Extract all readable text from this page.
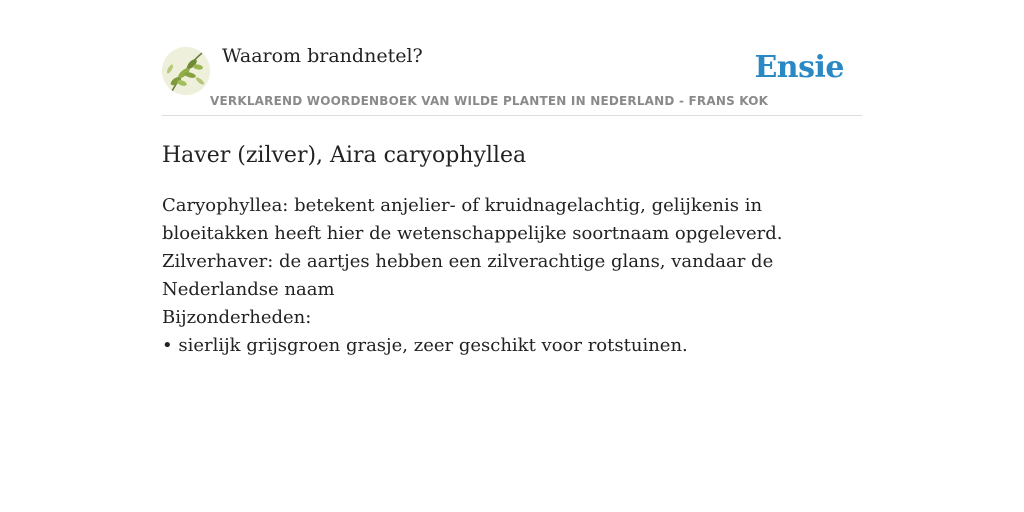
Waarom brandnetel?
VERKLAREND WOORDENBOEK VAN WILDE PLANTEN IN NEDERLAND - FRANS KOK
Ensie
Haver (zilver), Aira caryophyllea
Caryophyllea: betekent anjelier- of kruidnagelachtig, gelijkenis in bloeitakken heeft hier de wetenschappelijke soortnaam opgeleverd.
Zilverhaver: de aartjes hebben een zilverachtige glans, vandaar de Nederlandse naam
Bijzonderheden:
• sierlijk grijsgroen grasje, zeer geschikt voor rotstuinen.
